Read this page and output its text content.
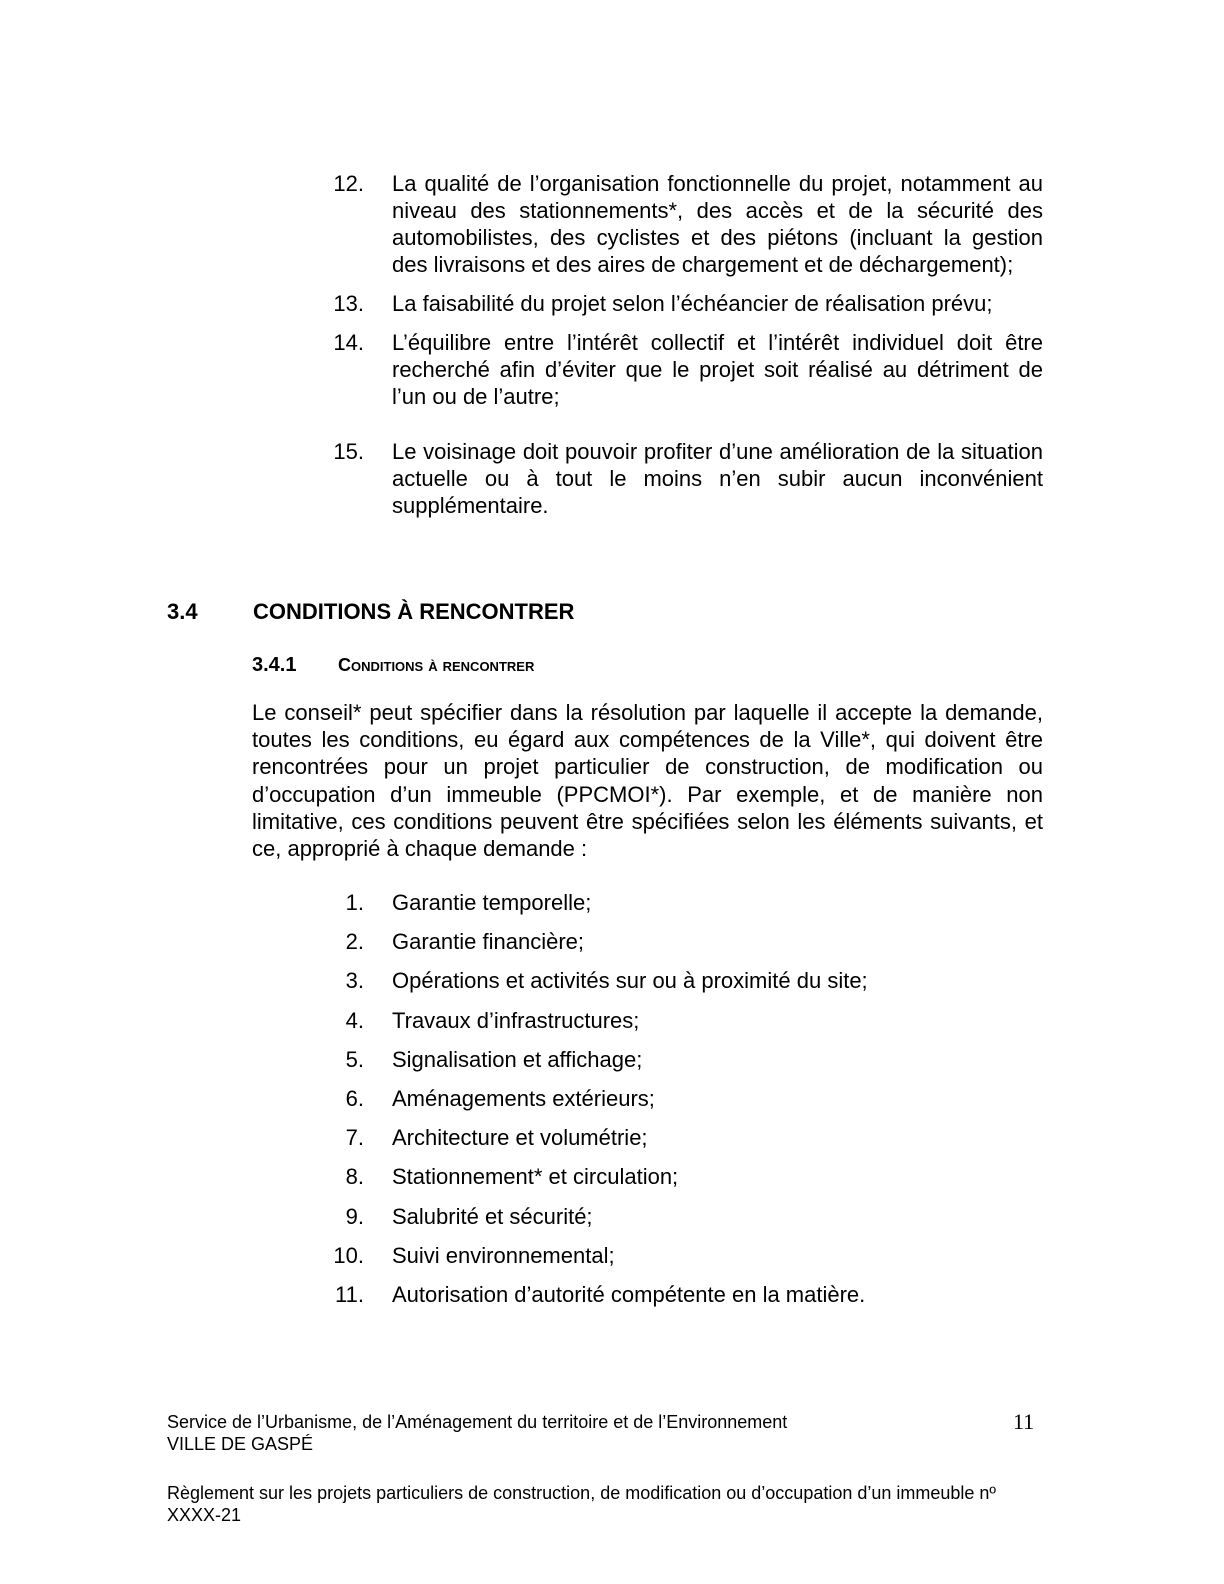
12. La qualité de l’organisation fonctionnelle du projet, notamment au niveau des stationnements*, des accès et de la sécurité des automobilistes, des cyclistes et des piétons (incluant la gestion des livraisons et des aires de chargement et de déchargement);
13. La faisabilité du projet selon l’échéancier de réalisation prévu;
14. L’équilibre entre l’intérêt collectif et l’intérêt individuel doit être recherché afin d’éviter que le projet soit réalisé au détriment de l’un ou de l’autre;
15. Le voisinage doit pouvoir profiter d’une amélioration de la situation actuelle ou à tout le moins n’en subir aucun inconvénient supplémentaire.
3.4	CONDITIONS À RENCONTRER
3.4.1 Conditions à rencontrer

Le conseil* peut spécifier dans la résolution par laquelle il accepte la demande, toutes les conditions, eu égard aux compétences de la Ville*, qui doivent être rencontrées pour un projet particulier de construction, de modification ou d’occupation d’un immeuble (PPCMOI*). Par exemple, et de manière non limitative, ces conditions peuvent être spécifiées selon les éléments suivants, et ce, approprié à chaque demande :

1. Garantie temporelle;
2. Garantie financière;
3. Opérations et activités sur ou à proximité du site;
4. Travaux d’infrastructures;
5. Signalisation et affichage;
6. Aménagements extérieurs;
7. Architecture et volumétrie;
8. Stationnement* et circulation;
9. Salubrité et sécurité;
10. Suivi environnemental;
11. Autorisation d’autorité compétente en la matière.
Service de l’Urbanisme, de l’Aménagement du territoire et de l’Environnement
VILLE DE GASPÉ
11
Règlement sur les projets particuliers de construction, de modification ou d’occupation d’un immeuble nº XXXX-21
